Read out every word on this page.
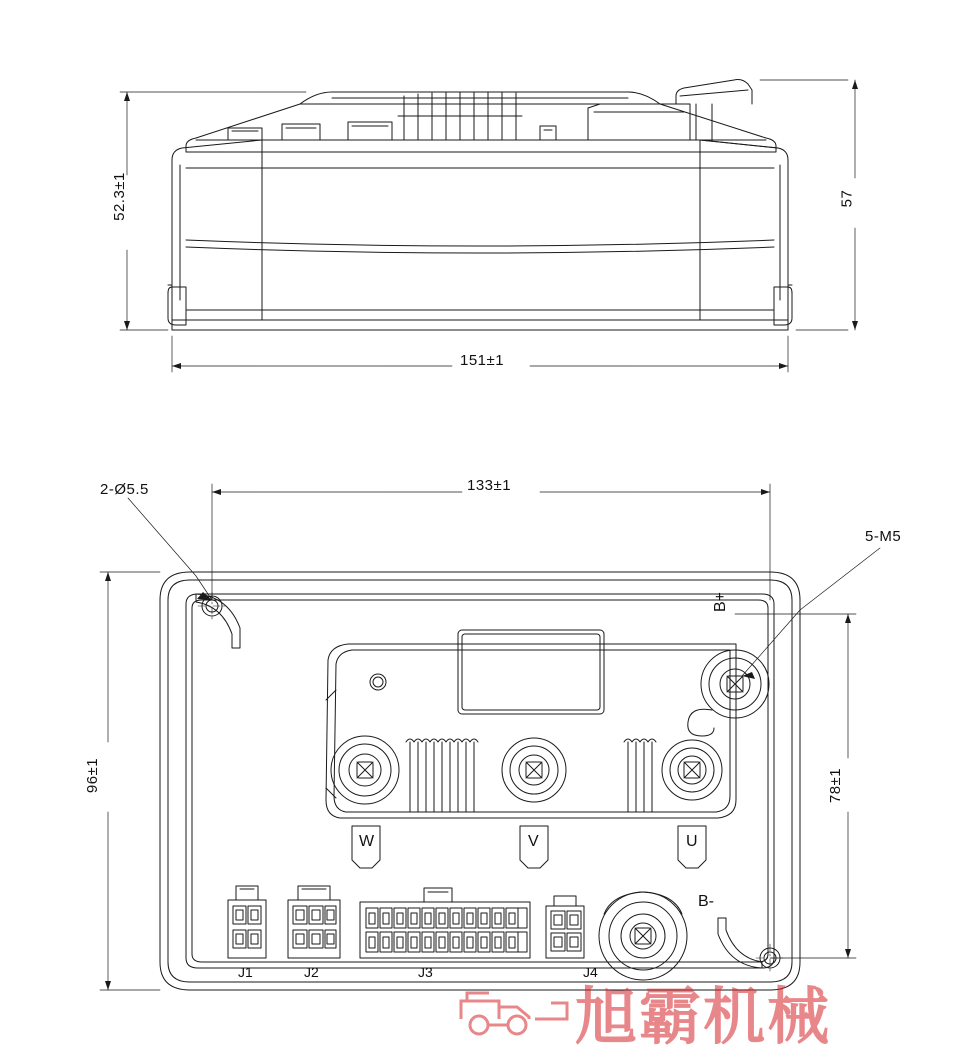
52.3±1	57
151±1
133±1
96±1	78±1
2-Ø5.5
5-M5
B+
W	V	U
B-
J1	J2	J3	J4
旭霸机械
